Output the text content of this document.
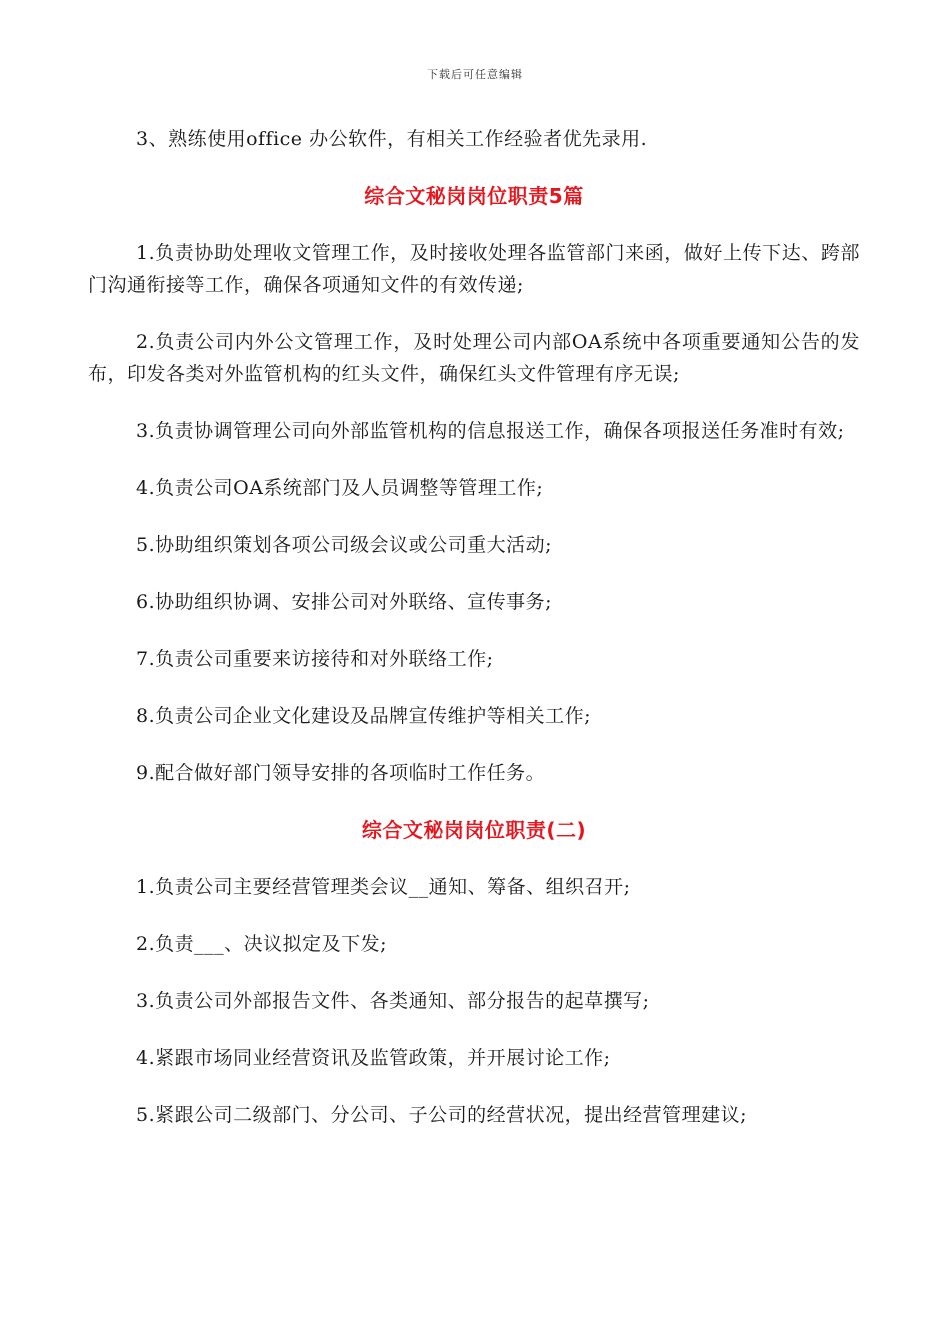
下载后可任意编辑

3、熟练使用office 办公软件，有相关工作经验者优先录用.

综合文秘岗岗位职责5篇

1.负责协助处理收文管理工作，及时接收处理各监管部门来函，做好上传下达、跨部门沟通衔接等工作，确保各项通知文件的有效传递;

2.负责公司内外公文管理工作，及时处理公司内部OA系统中各项重要通知公告的发布，印发各类对外监管机构的红头文件，确保红头文件管理有序无误;

3.负责协调管理公司向外部监管机构的信息报送工作，确保各项报送任务准时有效;

4.负责公司OA系统部门及人员调整等管理工作;

5.协助组织策划各项公司级会议或公司重大活动;

6.协助组织协调、安排公司对外联络、宣传事务;

7.负责公司重要来访接待和对外联络工作;

8.负责公司企业文化建设及品牌宣传维护等相关工作;

9.配合做好部门领导安排的各项临时工作任务。

综合文秘岗岗位职责(二)

1.负责公司主要经营管理类会议__通知、筹备、组织召开;

2.负责___、决议拟定及下发;

3.负责公司外部报告文件、各类通知、部分报告的起草撰写;

4.紧跟市场同业经营资讯及监管政策，并开展讨论工作;

5.紧跟公司二级部门、分公司、子公司的经营状况，提出经营管理建议;
